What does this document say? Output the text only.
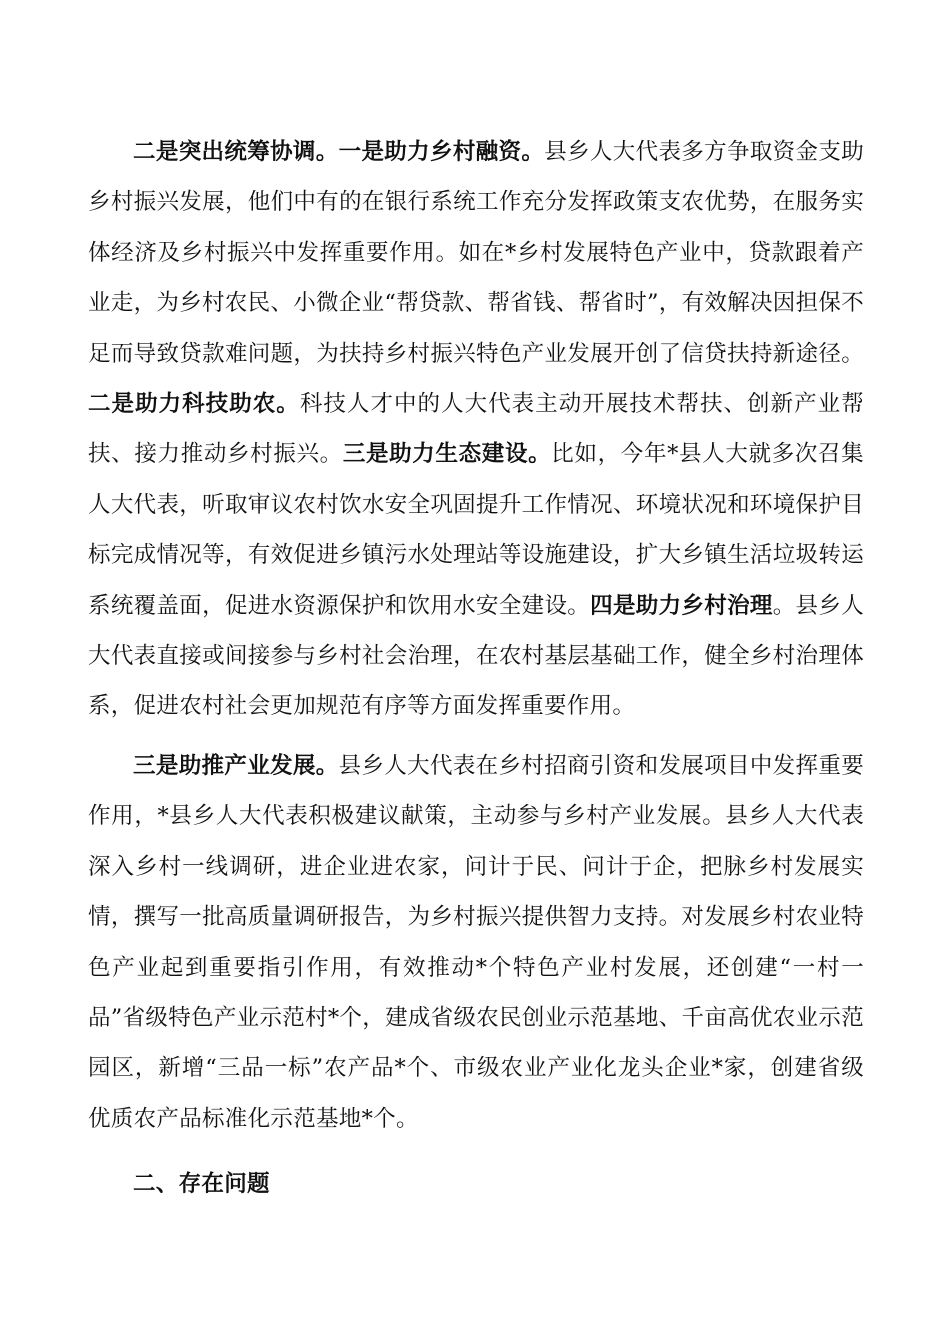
二是突出统筹协调。一是助力乡村融资。县乡人大代表多方争取资金支助乡村振兴发展，他们中有的在银行系统工作充分发挥政策支农优势，在服务实体经济及乡村振兴中发挥重要作用。如在*乡村发展特色产业中，贷款跟着产业走，为乡村农民、小微企业“帮贷款、帮省钱、帮省时”，有效解决因担保不足而导致贷款难问题，为扶持乡村振兴特色产业发展开创了信贷扶持新途径。二是助力科技助农。科技人才中的人大代表主动开展技术帮扶、创新产业帮扶、接力推动乡村振兴。三是助力生态建设。比如，今年*县人大就多次召集人大代表，听取审议农村饮水安全巩固提升工作情况、环境状况和环境保护目标完成情况等，有效促进乡镇污水处理站等设施建设，扩大乡镇生活垃圾转运系统覆盖面，促进水资源保护和饮用水安全建设。四是助力乡村治理。县乡人大代表直接或间接参与乡村社会治理，在农村基层基础工作，健全乡村治理体系，促进农村社会更加规范有序等方面发挥重要作用。

三是助推产业发展。县乡人大代表在乡村招商引资和发展项目中发挥重要作用，*县乡人大代表积极建议献策，主动参与乡村产业发展。县乡人大代表深入乡村一线调研，进企业进农家，问计于民、问计于企，把脉乡村发展实情，撰写一批高质量调研报告，为乡村振兴提供智力支持。对发展乡村农业特色产业起到重要指引作用，有效推动*个特色产业村发展，还创建“一村一品”省级特色产业示范村*个，建成省级农民创业示范基地、千亩高优农业示范园区，新增“三品一标”农产品*个、市级农业产业化龙头企业*家，创建省级优质农产品标准化示范基地*个。

二、存在问题
